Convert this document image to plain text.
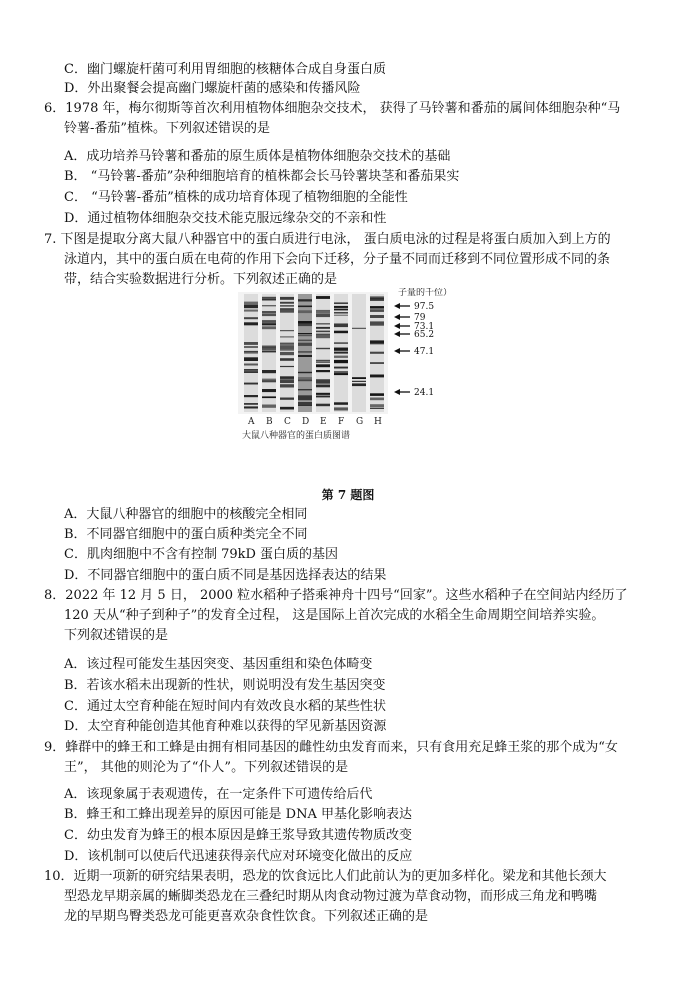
C．幽门螺旋杆菌可利用胃细胞的核糖体合成自身蛋白质
D．外出聚餐会提高幽门螺旋杆菌的感染和传播风险
6．1978 年，梅尔彻斯等首次利用植物体细胞杂交技术， 获得了马铃薯和番茄的属间体细胞杂种“马
铃薯-番茄”植株。下列叙述错误的是
A．成功培养马铃薯和番茄的原生质体是植物体细胞杂交技术的基础
B． “马铃薯-番茄”杂种细胞培育的植株都会长马铃薯块茎和番茄果实
C． “马铃薯-番茄”植株的成功培育体现了植物细胞的全能性
D．通过植物体细胞杂交技术能克服远缘杂交的不亲和性
7. 下图是提取分离大鼠八种器官中的蛋白质进行电泳， 蛋白质电泳的过程是将蛋白质加入到上方的
泳道内，其中的蛋白质在电荷的作用下会向下迁移，分子量不同而迁移到不同位置形成不同的条
带，结合实验数据进行分析。下列叙述正确的是
97.5
79
73.1
65.2
47.1
24.1
A B C D E F G H
子量的千位）
大鼠八种器官的蛋白质图谱
第 7 题图
A．大鼠八种器官的细胞中的核酸完全相同
B．不同器官细胞中的蛋白质种类完全不同
C．肌肉细胞中不含有控制 79kD 蛋白质的基因
D．不同器官细胞中的蛋白质不同是基因选择表达的结果
8．2022 年 12 月 5 日， 2000 粒水稻种子搭乘神舟十四号“回家”。这些水稻种子在空间站内经历了
120 天从“种子到种子”的发育全过程， 这是国际上首次完成的水稻全生命周期空间培养实验。
下列叙述错误的是
A．该过程可能发生基因突变、基因重组和染色体畸变
B．若该水稻未出现新的性状，则说明没有发生基因突变
C．通过太空育种能在短时间内有效改良水稻的某些性状
D．太空育种能创造其他育种难以获得的罕见新基因资源
9．蜂群中的蜂王和工蜂是由拥有相同基因的雌性幼虫发育而来，只有食用充足蜂王浆的那个成为“女
王”， 其他的则沦为了“仆人”。下列叙述错误的是
A．该现象属于表观遗传，在一定条件下可遗传给后代
B．蜂王和工蜂出现差异的原因可能是 DNA 甲基化影响表达
C．幼虫发育为蜂王的根本原因是蜂王浆导致其遗传物质改变
D．该机制可以使后代迅速获得亲代应对环境变化做出的反应
10．近期一项新的研究结果表明，恐龙的饮食远比人们此前认为的更加多样化。梁龙和其他长颈大
型恐龙早期亲属的蜥脚类恐龙在三叠纪时期从肉食动物过渡为草食动物，而形成三角龙和鸭嘴
龙的早期鸟臀类恐龙可能更喜欢杂食性饮食。下列叙述正确的是
